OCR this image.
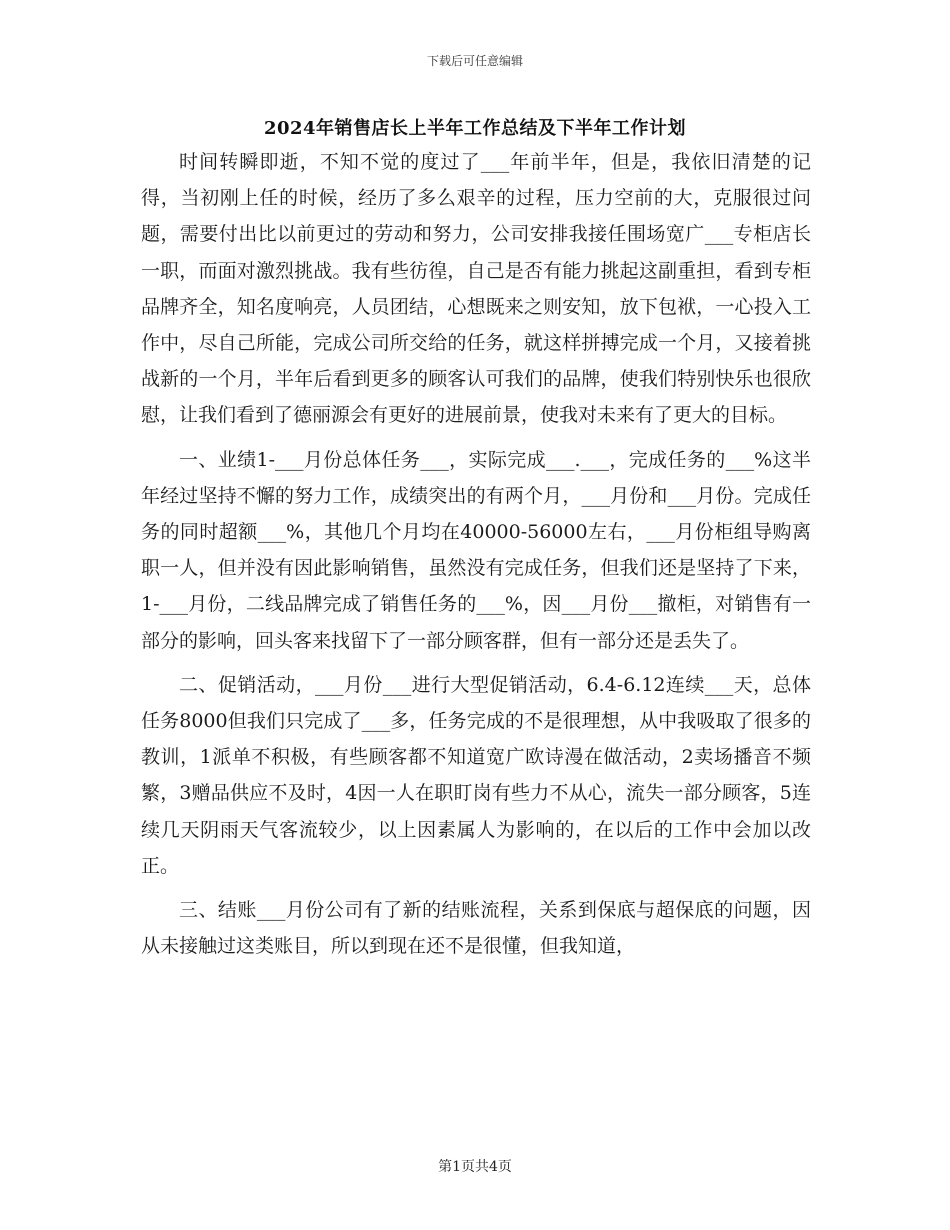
下载后可任意编辑
2024年销售店长上半年工作总结及下半年工作计划

时间转瞬即逝，不知不觉的度过了___年前半年，但是，我依旧清楚的记得，当初刚上任的时候，经历了多么艰辛的过程，压力空前的大，克服很过问题，需要付出比以前更过的劳动和努力，公司安排我接任围场宽广___专柜店长一职，而面对激烈挑战。我有些彷徨，自己是否有能力挑起这副重担，看到专柜品牌齐全，知名度响亮，人员团结，心想既来之则安知，放下包袱，一心投入工作中，尽自己所能，完成公司所交给的任务，就这样拼搏完成一个月，又接着挑战新的一个月，半年后看到更多的顾客认可我们的品牌，使我们特别快乐也很欣慰，让我们看到了德丽源会有更好的进展前景，使我对未来有了更大的目标。

一、业绩1-___月份总体任务___，实际完成___.___，完成任务的___%这半年经过坚持不懈的努力工作，成绩突出的有两个月，___月份和___月份。完成任务的同时超额___%，其他几个月均在40000-56000左右，___月份柜组导购离职一人，但并没有因此影响销售，虽然没有完成任务，但我们还是坚持了下来，1-___月份，二线品牌完成了销售任务的___%，因___月份___撤柜，对销售有一部分的影响，回头客来找留下了一部分顾客群，但有一部分还是丢失了。

二、促销活动，___月份___进行大型促销活动，6.4-6.12连续___天，总体任务8000但我们只完成了___多，任务完成的不是很理想，从中我吸取了很多的教训，1派单不积极，有些顾客都不知道宽广欧诗漫在做活动，2卖场播音不频繁，3赠品供应不及时，4因一人在职盯岗有些力不从心，流失一部分顾客，5连续几天阴雨天气客流较少，以上因素属人为影响的，在以后的工作中会加以改正。

三、结账___月份公司有了新的结账流程，关系到保底与超保底的问题，因从未接触过这类账目，所以到现在还不是很懂，但我知道，

第1页共4页
